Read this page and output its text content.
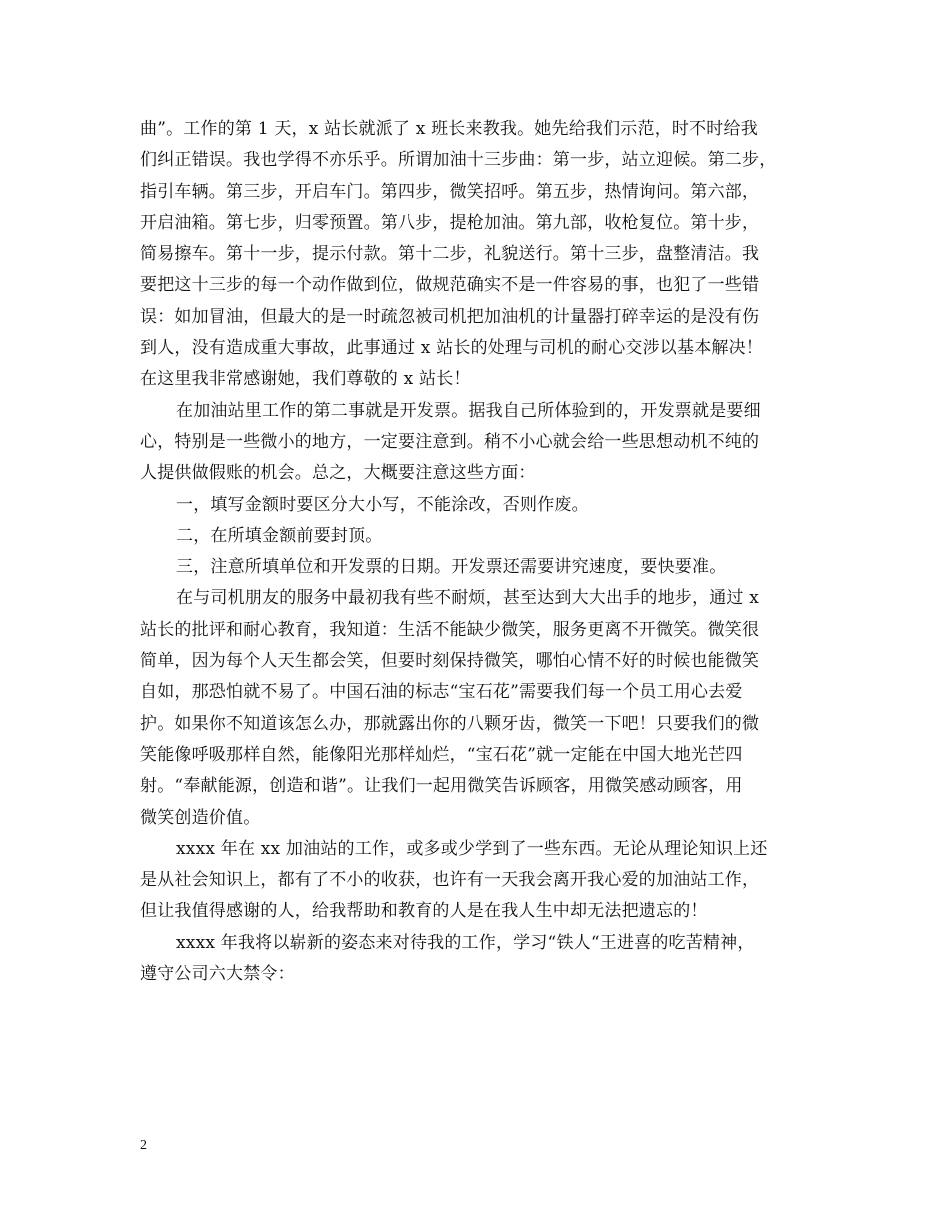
曲”。工作的第 1 天，x 站长就派了 x 班长来教我。她先给我们示范，时不时给我
们纠正错误。我也学得不亦乐乎。所谓加油十三步曲：第一步，站立迎候。第二步，
指引车辆。第三步，开启车门。第四步，微笑招呼。第五步，热情询问。第六部，
开启油箱。第七步，归零预置。第八步，提枪加油。第九部，收枪复位。第十步，
简易擦车。第十一步，提示付款。第十二步，礼貌送行。第十三步，盘整清洁。我
要把这十三步的每一个动作做到位，做规范确实不是一件容易的事，也犯了一些错
误：如加冒油，但最大的是一时疏忽被司机把加油机的计量器打碎幸运的是没有伤
到人，没有造成重大事故，此事通过 x 站长的处理与司机的耐心交涉以基本解决！
在这里我非常感谢她，我们尊敬的 x 站长！
在加油站里工作的第二事就是开发票。据我自己所体验到的，开发票就是要细
心，特别是一些微小的地方，一定要注意到。稍不小心就会给一些思想动机不纯的
人提供做假账的机会。总之，大概要注意这些方面：
一，填写金额时要区分大小写，不能涂改，否则作废。
二，在所填金额前要封顶。
三，注意所填单位和开发票的日期。开发票还需要讲究速度，要快要准。
在与司机朋友的服务中最初我有些不耐烦，甚至达到大大出手的地步，通过 x
站长的批评和耐心教育，我知道：生活不能缺少微笑，服务更离不开微笑。微笑很
简单，因为每个人天生都会笑，但要时刻保持微笑，哪怕心情不好的时候也能微笑
自如，那恐怕就不易了。中国石油的标志“宝石花”需要我们每一个员工用心去爱
护。如果你不知道该怎么办，那就露出你的八颗牙齿，微笑一下吧！只要我们的微
笑能像呼吸那样自然，能像阳光那样灿烂，“宝石花”就一定能在中国大地光芒四
射。“奉献能源，创造和谐”。让我们一起用微笑告诉顾客，用微笑感动顾客，用
微笑创造价值。
xxxx 年在 xx 加油站的工作，或多或少学到了一些东西。无论从理论知识上还
是从社会知识上，都有了不小的收获，也许有一天我会离开我心爱的加油站工作，
但让我值得感谢的人，给我帮助和教育的人是在我人生中却无法把遗忘的！
xxxx 年我将以崭新的姿态来对待我的工作，学习“铁人“王进喜的吃苦精神，
遵守公司六大禁令：
2
